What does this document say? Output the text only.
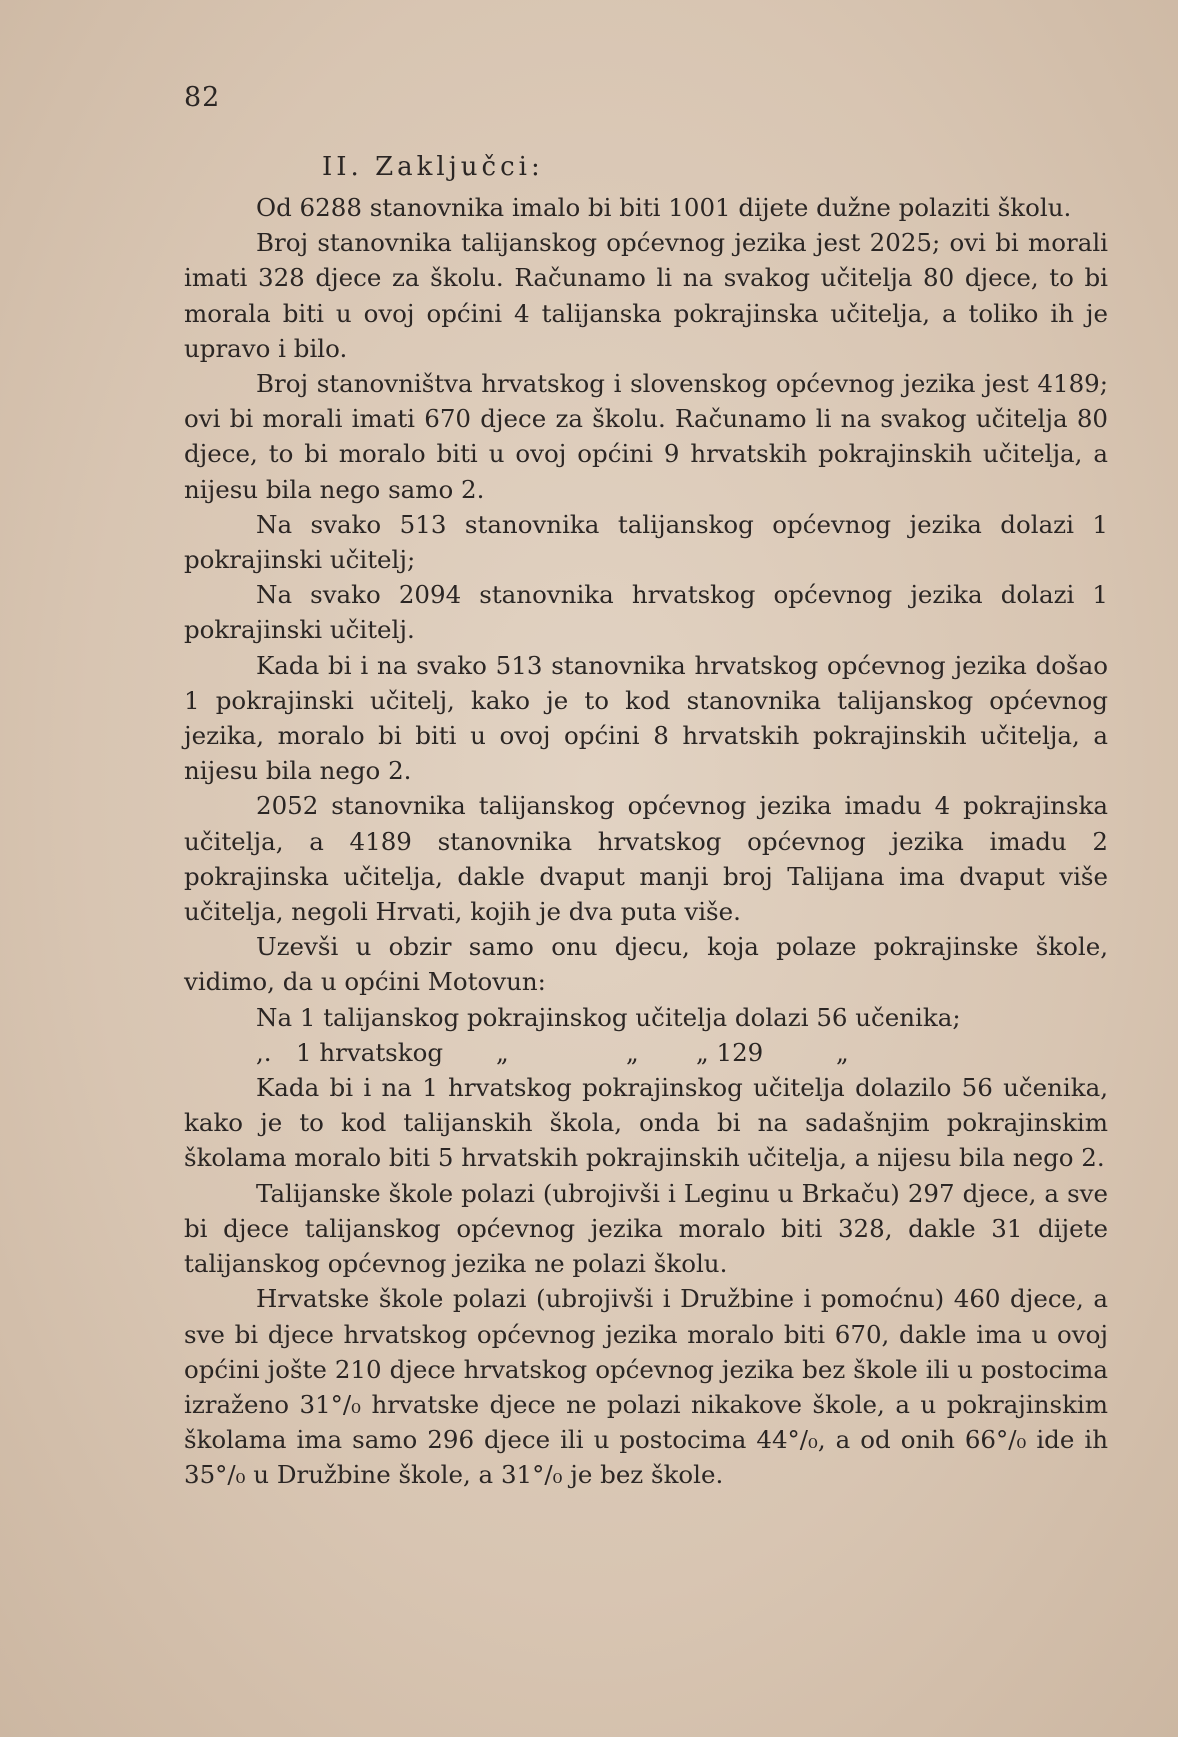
82
II. Zaključci:

Od 6288 stanovnika imalo bi biti 1001 dijete dužne polaziti školu.

Broj stanovnika talijanskog općevnog jezika jest 2025; ovi bi morali imati 328 djece za školu. Računamo li na svakog učitelja 80 djece, to bi morala biti u ovoj općini 4 talijanska pokrajinska učitelja, a toliko ih je upravo i bilo.

Broj stanovništva hrvatskog i slovenskog općevnog jezika jest 4189; ovi bi morali imati 670 djece za školu. Računamo li na svakog učitelja 80 djece, to bi moralo biti u ovoj općini 9 hrvatskih pokrajinskih učitelja, a nijesu bila nego samo 2.

Na svako 513 stanovnika talijanskog općevnog jezika dolazi 1 pokrajinski učitelj;

Na svako 2094 stanovnika hrvatskog općevnog jezika dolazi 1 pokrajinski učitelj.

Kada bi i na svako 513 stanovnika hrvatskog općevnog jezika došao 1 pokrajinski učitelj, kako je to kod stanovnika talijanskog općevnog jezika, moralo bi biti u ovoj općini 8 hrvatskih pokrajinskih učitelja, a nijesu bila nego 2.

2052 stanovnika talijanskog općevnog jezika imadu 4 pokrajinska učitelja, a 4189 stanovnika hrvatskog općevnog jezika imadu 2 pokrajinska učitelja, dakle dvaput manji broj Talijana ima dvaput više učitelja, negoli Hrvati, kojih je dva puta više.

Uzevši u obzir samo onu djecu, koja polaze pokrajinske škole, vidimo, da u općini Motovun:

Na 1 talijanskog pokrajinskog učitelja dolazi 56 učenika;

,. 1 hrvatskog	„	„	„ 129	„

Kada bi i na 1 hrvatskog pokrajinskog učitelja dolazilo 56 učenika, kako je to kod talijanskih škola, onda bi na sadašnjim pokrajinskim školama moralo biti 5 hrvatskih pokrajinskih učitelja, a nijesu bila nego 2.

Talijanske škole polazi (ubrojivši i Leginu u Brkaču) 297 djece, a sve bi djece talijanskog općevnog jezika moralo biti 328, dakle 31 dijete talijanskog općevnog jezika ne polazi školu.

Hrvatske škole polazi (ubrojivši i Družbine i pomoćnu) 460 djece, a sve bi djece hrvatskog općevnog jezika moralo biti 670, dakle ima u ovoj općini jošte 210 djece hrvatskog općevnog jezika bez škole ili u postocima izraženo 31°/₀ hrvatske djece ne polazi nikakove škole, a u pokrajinskim školama ima samo 296 djece ili u postocima 44°/₀, a od onih 66°/₀ ide ih 35°/₀ u Družbine škole, a 31°/₀ je bez škole.
